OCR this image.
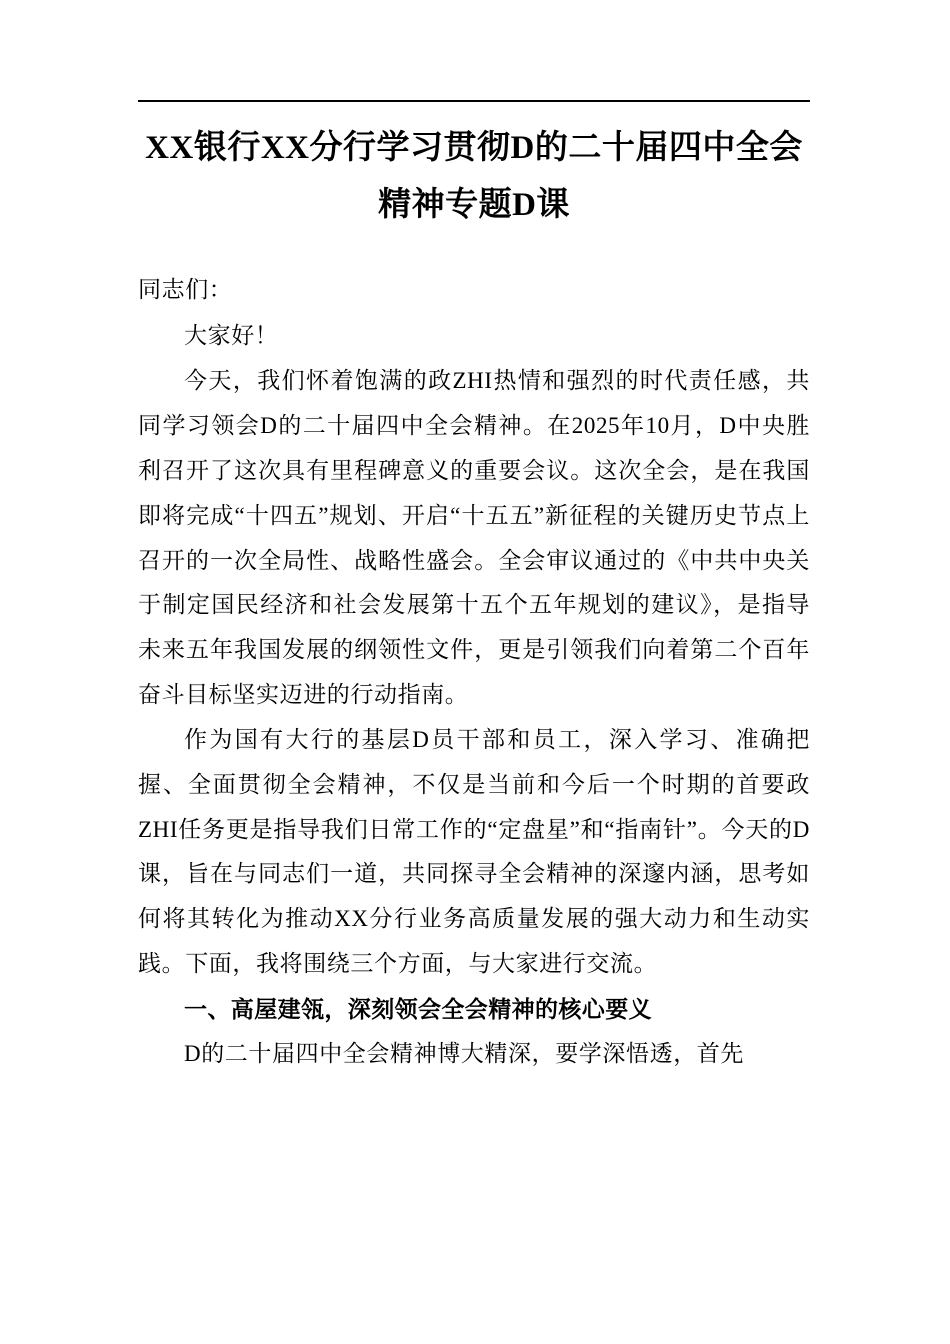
XX银行XX分行学习贯彻D的二十届四中全会精神专题D课
同志们：

大家好！

今天，我们怀着饱满的政ZHI热情和强烈的时代责任感，共同学习领会D的二十届四中全会精神。在2025年10月，D中央胜利召开了这次具有里程碑意义的重要会议。这次全会，是在我国即将完成“十四五”规划、开启“十五五”新征程的关键历史节点上召开的一次全局性、战略性盛会。全会审议通过的《中共中央关于制定国民经济和社会发展第十五个五年规划的建议》，是指导未来五年我国发展的纲领性文件，更是引领我们向着第二个百年奋斗目标坚实迈进的行动指南。

作为国有大行的基层D员干部和员工，深入学习、准确把握、全面贯彻全会精神，不仅是当前和今后一个时期的首要政ZHI任务更是指导我们日常工作的“定盘星”和“指南针”。今天的D课，旨在与同志们一道，共同探寻全会精神的深邃内涵，思考如何将其转化为推动XX分行业务高质量发展的强大动力和生动实践。下面，我将围绕三个方面，与大家进行交流。

一、高屋建瓴，深刻领会全会精神的核心要义

D的二十届四中全会精神博大精深，要学深悟透，首先
